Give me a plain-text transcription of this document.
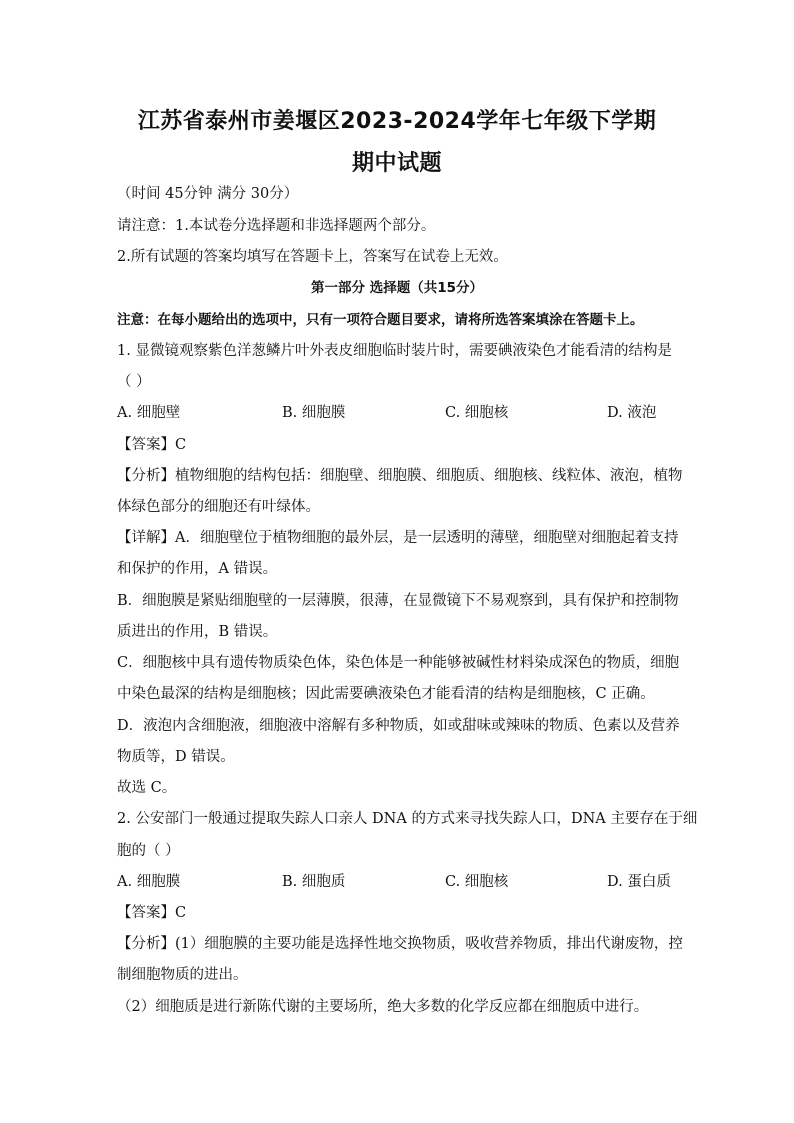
江苏省泰州市姜堰区2023-2024学年七年级下学期
期中试题
（时间 45分钟 满分 30分）
请注意：1.本试卷分选择题和非选择题两个部分。
2.所有试题的答案均填写在答题卡上，答案写在试卷上无效。
第一部分 选择题（共15分）
注意：在每小题给出的选项中，只有一项符合题目要求，请将所选答案填涂在答题卡上。
1. 显微镜观察紫色洋葱鳞片叶外表皮细胞临时装片时，需要碘液染色才能看清的结构是
（ ）
A. 细胞壁	B. 细胞膜	C. 细胞核	D. 液泡
【答案】C
【分析】植物细胞的结构包括：细胞壁、细胞膜、细胞质、细胞核、线粒体、液泡，植物
体绿色部分的细胞还有叶绿体。
【详解】A．细胞壁位于植物细胞的最外层，是一层透明的薄壁，细胞壁对细胞起着支持
和保护的作用，A 错误。
B．细胞膜是紧贴细胞壁的一层薄膜，很薄，在显微镜下不易观察到，具有保护和控制物
质进出的作用，B 错误。
C．细胞核中具有遗传物质染色体，染色体是一种能够被碱性材料染成深色的物质，细胞
中染色最深的结构是细胞核；因此需要碘液染色才能看清的结构是细胞核，C 正确。
D．液泡内含细胞液，细胞液中溶解有多种物质，如或甜味或辣味的物质、色素以及营养
物质等，D 错误。
故选 C。
2. 公安部门一般通过提取失踪人口亲人 DNA 的方式来寻找失踪人口，DNA 主要存在于细
胞的（ ）
A. 细胞膜	B. 细胞质	C. 细胞核	D. 蛋白质
【答案】C
【分析】(1）细胞膜的主要功能是选择性地交换物质，吸收营养物质，排出代谢废物，控
制细胞物质的进出。
（2）细胞质是进行新陈代谢的主要场所，绝大多数的化学反应都在细胞质中进行。
